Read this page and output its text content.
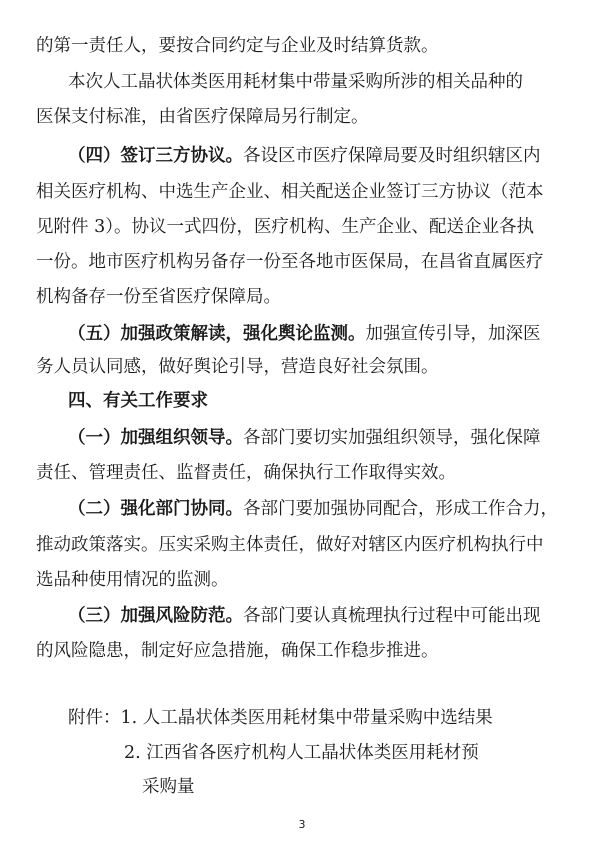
的第一责任人，要按合同约定与企业及时结算货款。
本次人工晶状体类医用耗材集中带量采购所涉的相关品种的
医保支付标准，由省医疗保障局另行制定。
（四）签订三方协议。各设区市医疗保障局要及时组织辖区内
相关医疗机构、中选生产企业、相关配送企业签订三方协议（范本
见附件 3）。协议一式四份，医疗机构、生产企业、配送企业各执
一份。地市医疗机构另备存一份至各地市医保局，在昌省直属医疗
机构备存一份至省医疗保障局。
（五）加强政策解读，强化舆论监测。加强宣传引导，加深医
务人员认同感，做好舆论引导，营造良好社会氛围。
四、有关工作要求
（一）加强组织领导。各部门要切实加强组织领导，强化保障
责任、管理责任、监督责任，确保执行工作取得实效。
（二）强化部门协同。各部门要加强协同配合，形成工作合力，
推动政策落实。压实采购主体责任，做好对辖区内医疗机构执行中
选品种使用情况的监测。
（三）加强风险防范。各部门要认真梳理执行过程中可能出现
的风险隐患，制定好应急措施，确保工作稳步推进。
附件：1. 人工晶状体类医用耗材集中带量采购中选结果
2. 江西省各医疗机构人工晶状体类医用耗材预
采购量
3
